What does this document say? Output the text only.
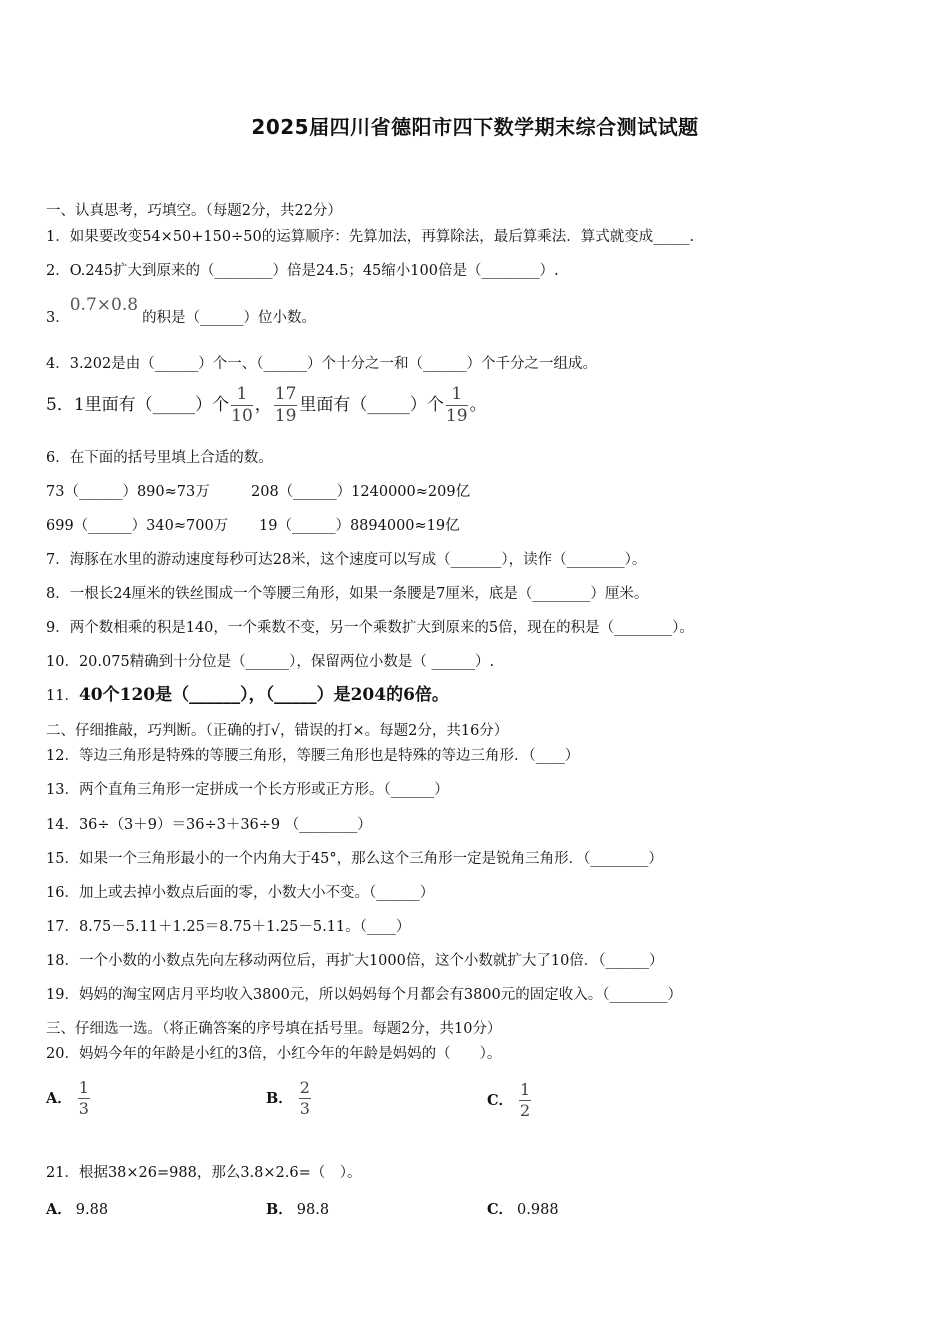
2025届四川省德阳市四下数学期末综合测试试题
一、认真思考，巧填空。（每题2分，共22分）
1．如果要改变54×50+150÷50的运算顺序：先算加法，再算除法，最后算乘法．算式就变成_____.
2．O.245扩大到原来的（________）倍是24.5；45缩小100倍是（________）.
3．0.7×0.8的积是（______）位小数。
4．3.202是由（______）个一、（______）个十分之一和（______）个千分之一组成。
5．1里面有（_____）个 $\frac{1}{10}$ ， $\frac{17}{19}$ 里面有（_____）个 $\frac{1}{19}$ 。
6．在下面的括号里填上合适的数。
73（______）890≈73万	208（______）1240000≈209亿
699（______）340≈700万 19（______）8894000≈19亿
7．海豚在水里的游动速度每秒可达28米，这个速度可以写成（_______），读作（________）。
8．一根长24厘米的铁丝围成一个等腰三角形，如果一条腰是7厘米，底是（________）厘米。
9．两个数相乘的积是140，一个乘数不变，另一个乘数扩大到原来的5倍，现在的积是（________）。
10．20.075精确到十分位是（______），保留两位小数是（ ______）.
11．40个120是（______），（_____）是204的6倍。
二、仔细推敲，巧判断。（正确的打√，错误的打×。每题2分，共16分）
12．等边三角形是特殊的等腰三角形，等腰三角形也是特殊的等边三角形．（____）
13．两个直角三角形一定拼成一个长方形或正方形。（______）
14．36÷（3＋9）＝36÷3＋36÷9 （________）
15．如果一个三角形最小的一个内角大于45°，那么这个三角形一定是锐角三角形．（________）
16．加上或去掉小数点后面的零，小数大小不变。（______）
17．8.75－5.11＋1.25＝8.75＋1.25－5.11。（____）
18．一个小数的小数点先向左移动两位后，再扩大1000倍，这个小数就扩大了10倍．（______）
19．妈妈的淘宝网店月平均收入3800元，所以妈妈每个月都会有3800元的固定收入。（________）
三、仔细选一选。（将正确答案的序号填在括号里。每题2分，共10分）
20．妈妈今年的年龄是小红的3倍，小红今年的年龄是妈妈的（　　）。
A． $\frac{1}{3}$	B． $\frac{2}{3}$	C． $\frac{1}{2}$
21．根据38×26=988，那么3.8×2.6=（　）。
A． 9.88	B． 98.8	C． 0.988
